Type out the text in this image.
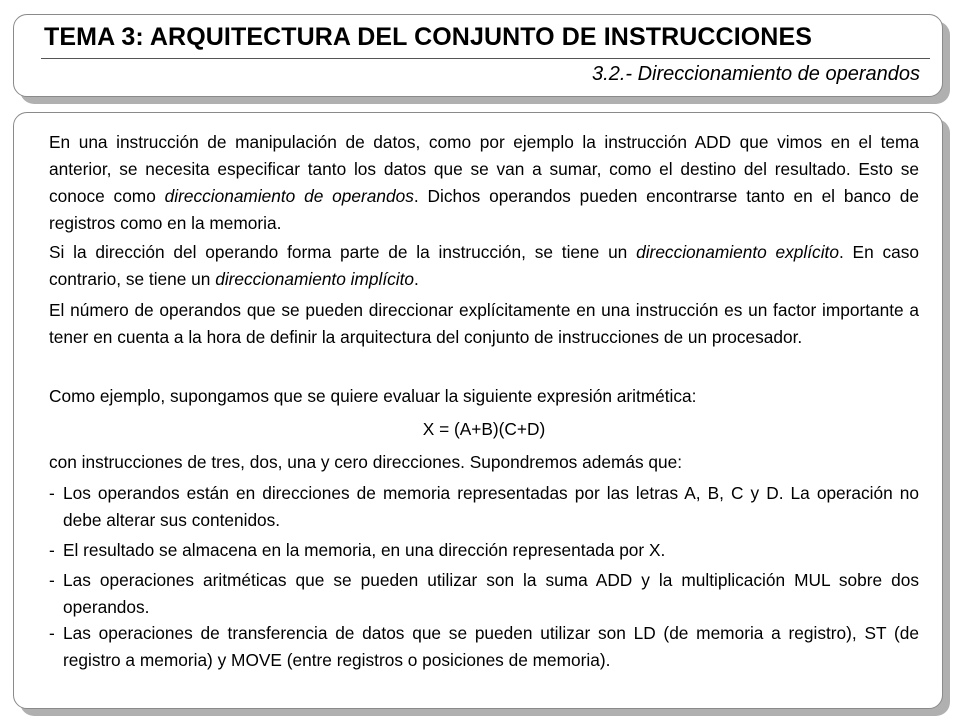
TEMA 3: ARQUITECTURA DEL CONJUNTO DE INSTRUCCIONES
3.2.- Direccionamiento de operandos

En una instrucción de manipulación de datos, como por ejemplo la instrucción ADD que vimos en el tema anterior, se necesita especificar tanto los datos que se van a sumar, como el destino del resultado. Esto se conoce como direccionamiento de operandos. Dichos operandos pueden encontrarse tanto en el banco de registros como en la memoria.

Si la dirección del operando forma parte de la instrucción, se tiene un direccionamiento explícito. En caso contrario, se tiene un direccionamiento implícito.

El número de operandos que se pueden direccionar explícitamente en una instrucción es un factor importante a tener en cuenta a la hora de definir la arquitectura del conjunto de instrucciones de un procesador.

Como ejemplo, supongamos que se quiere evaluar la siguiente expresión aritmética:

X = (A+B)(C+D)

con instrucciones de tres, dos, una y cero direcciones. Supondremos además que:

- Los operandos están en direcciones de memoria representadas por las letras A, B, C y D. La operación no debe alterar sus contenidos.
- El resultado se almacena en la memoria, en una dirección representada por X.
- Las operaciones aritméticas que se pueden utilizar son la suma ADD y la multiplicación MUL sobre dos operandos.
- Las operaciones de transferencia de datos que se pueden utilizar son LD (de memoria a registro), ST (de registro a memoria) y MOVE (entre registros o posiciones de memoria).
